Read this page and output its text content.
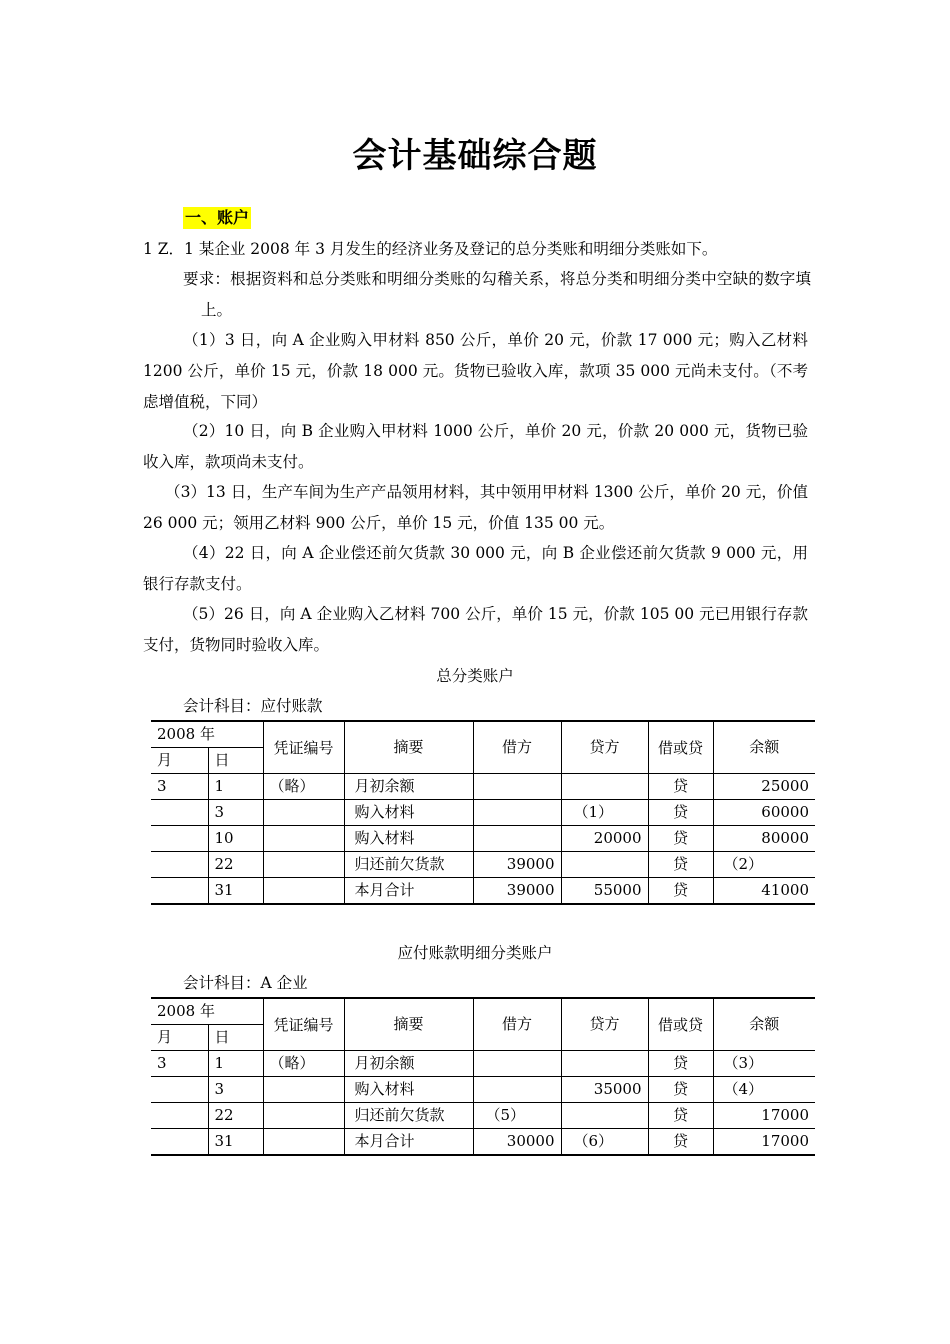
会计基础综合题
一、账户
1 Z．1 某企业 2008 年 3 月发生的经济业务及登记的总分类账和明细分类账如下。
要求：根据资料和总分类账和明细分类账的勾稽关系，将总分类和明细分类中空缺的数字填上。
（1）3 日，向 A 企业购入甲材料 850 公斤，单价 20 元，价款 17 000 元；购入乙材料 1200 公斤，单价 15 元，价款 18 000 元。货物已验收入库，款项 35 000 元尚未支付。（不考虑增值税，下同）
（2）10 日，向 B 企业购入甲材料 1000 公斤，单价 20 元，价款 20 000 元，货物已验收入库，款项尚未支付。
（3）13 日，生产车间为生产产品领用材料，其中领用甲材料 1300 公斤，单价 20 元，价值 26 000 元；领用乙材料 900 公斤，单价 15 元，价值 135 00 元。
（4）22 日，向 A 企业偿还前欠货款 30 000 元，向 B 企业偿还前欠货款 9 000 元，用银行存款支付。
（5）26 日，向 A 企业购入乙材料 700 公斤，单价 15 元，价款 105 00 元已用银行存款支付，货物同时验收入库。
总分类账户
会计科目：应付账款
2008 年		凭证编号	摘要	借方	贷方	借或贷	余额
月	日						
3	1	（略）	月初余额			贷	25000
	3		购入材料		（1）	贷	60000
	10		购入材料		20000	贷	80000
	22		归还前欠货款	39000		贷	（2）
	31		本月合计	39000	55000	贷	41000
应付账款明细分类账户
会计科目：A 企业
2008 年		凭证编号	摘要	借方	贷方	借或贷	余额
月	日						
3	1	（略）	月初余额			贷	（3）
	3		购入材料		35000	贷	（4）
	22		归还前欠货款	（5）		贷	17000
	31		本月合计	30000	（6）	贷	17000
